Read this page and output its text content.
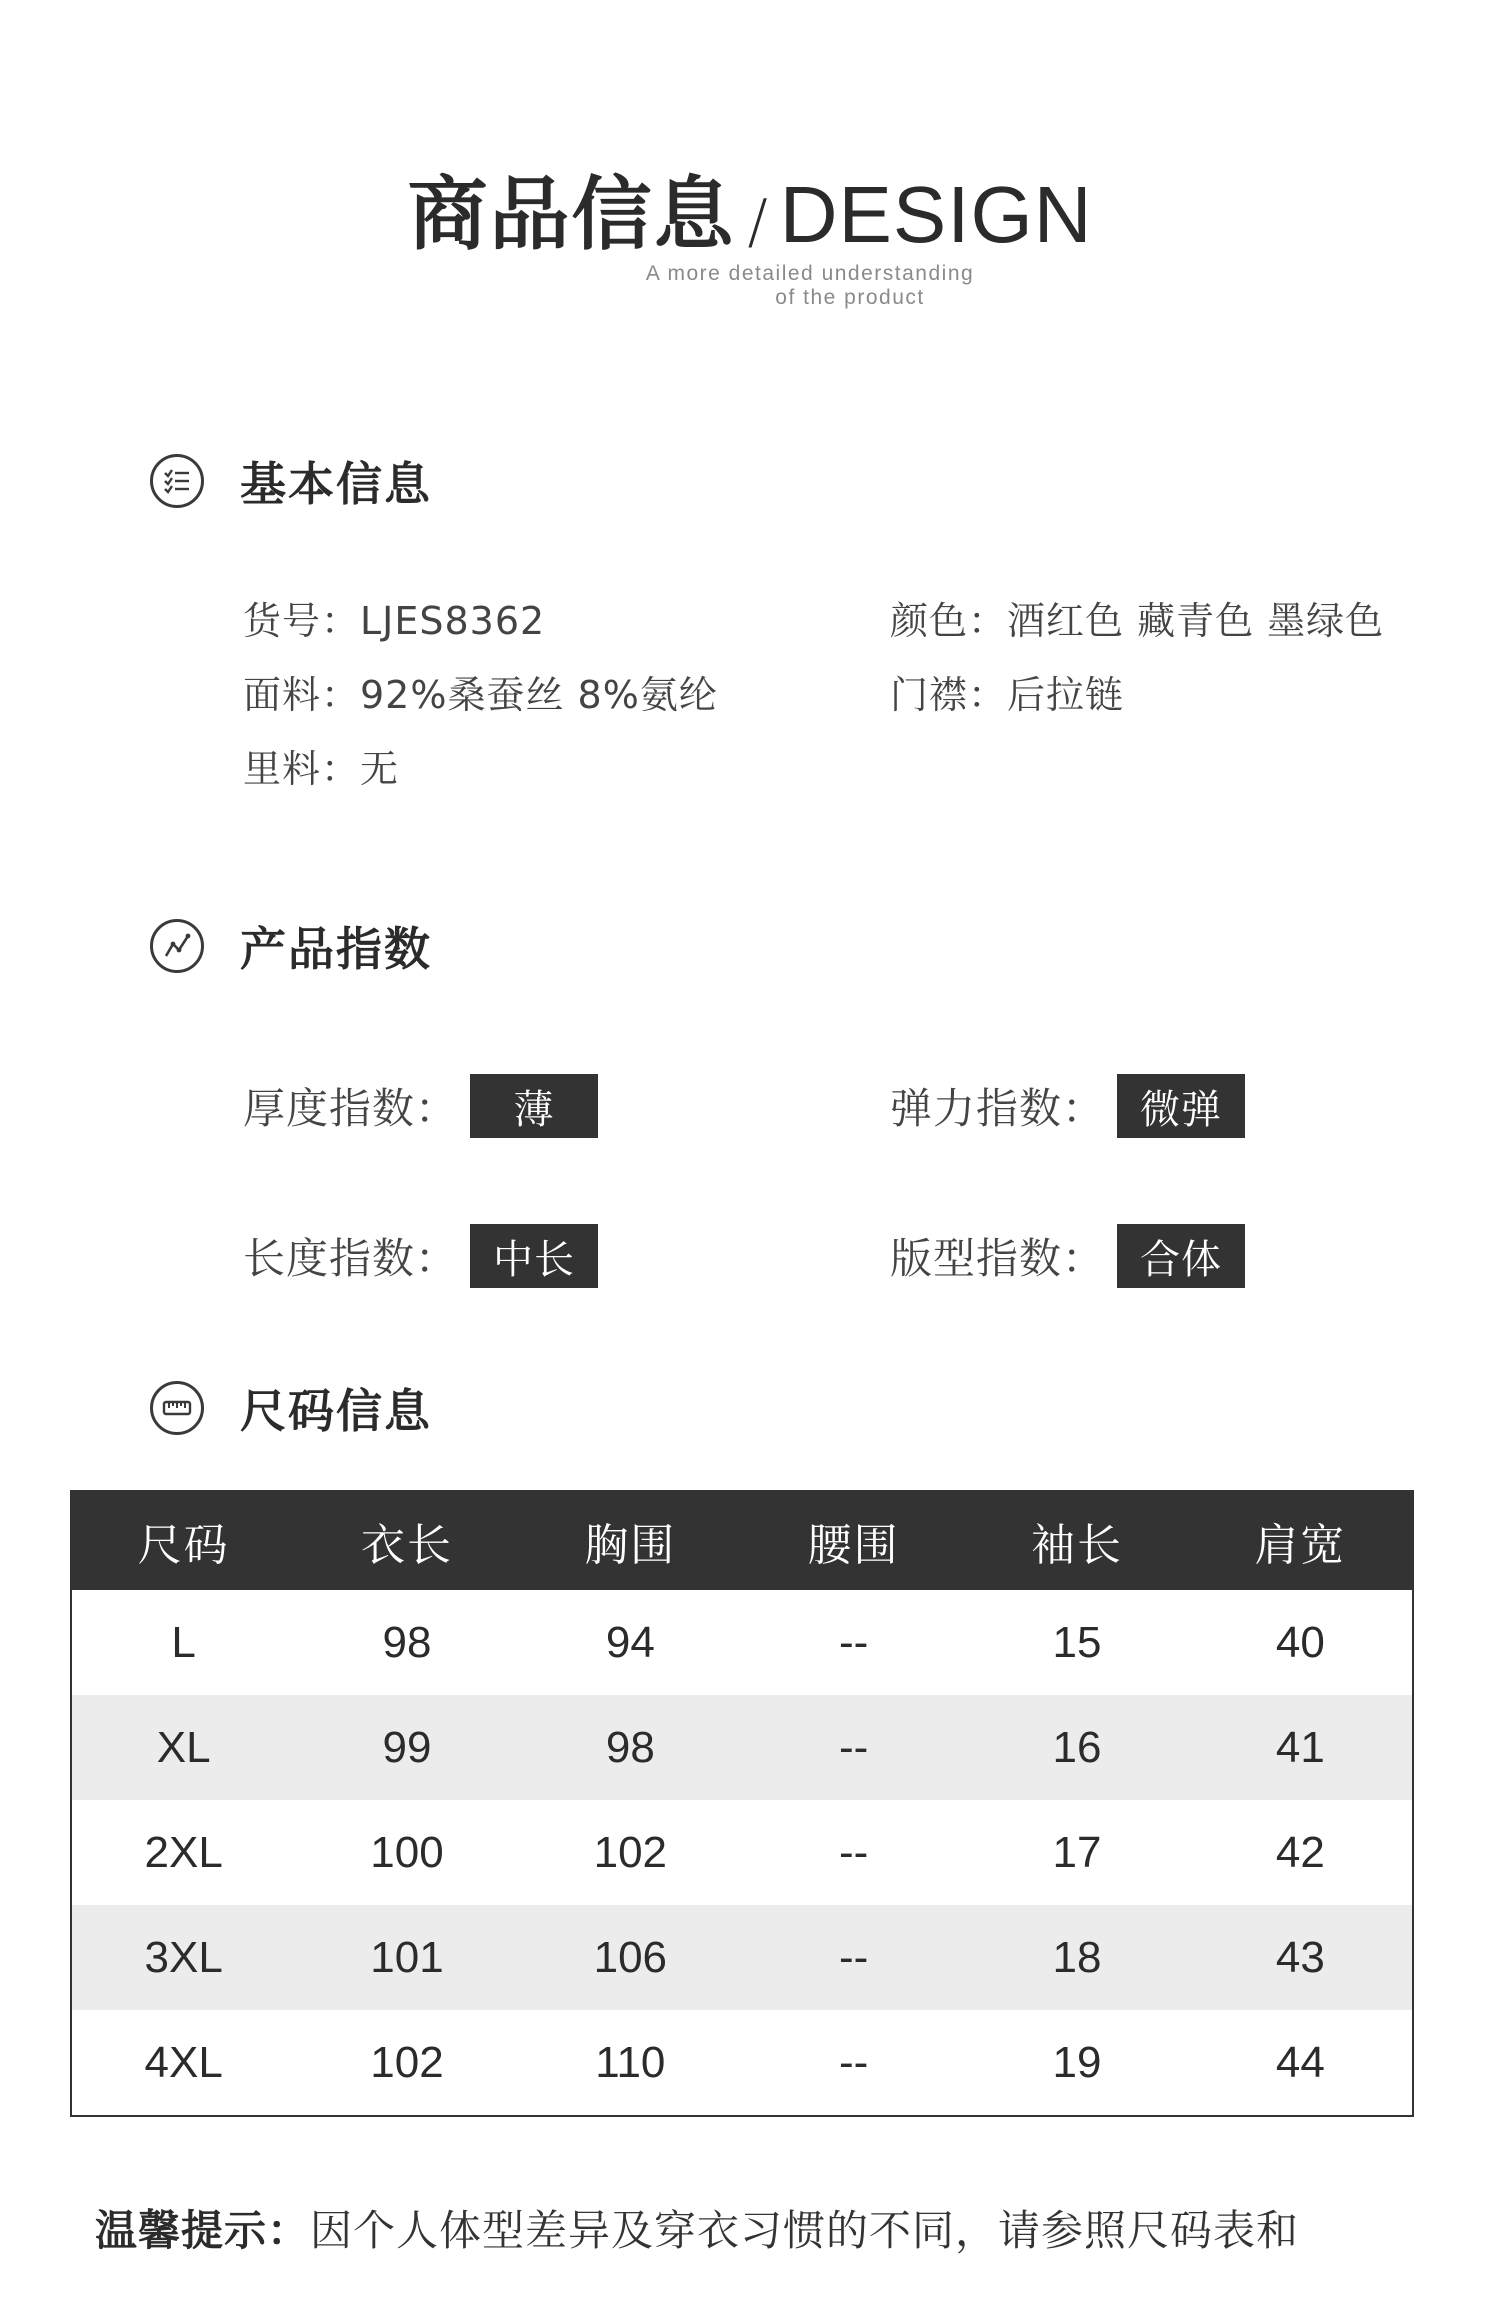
商品信息 / DESIGN
A more detailed understanding
of the product
基本信息
货号：LJES8362
面料：92%桑蚕丝 8%氨纶
里料：无
颜色：酒红色 藏青色 墨绿色
门襟：后拉链
产品指数
厚度指数：	薄	弹力指数： 微弹
长度指数： 中长	版型指数： 合体
尺码信息
尺码	衣长	胸围	腰围	袖长	肩宽
L	98	94	--	15	40
XL	99	98	--	16	41
2XL	100	102	--	17	42
3XL	101	106	--	18	43
4XL	102	110	--	19	44
温馨提示：因个人体型差异及穿衣习惯的不同，请参照尺码表和
